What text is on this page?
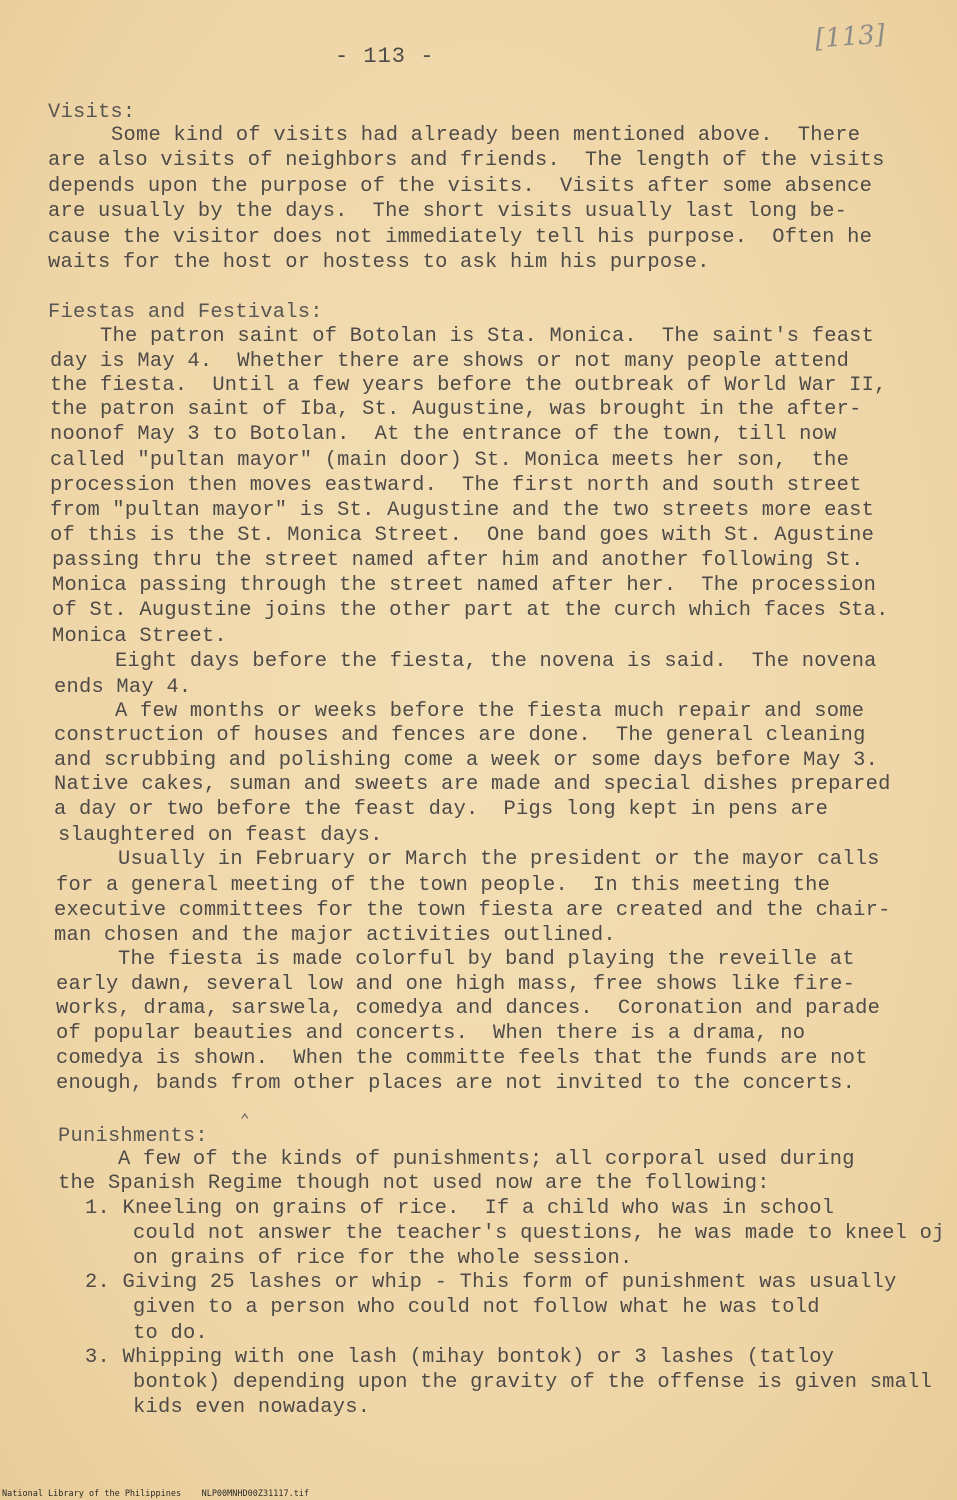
[113]
- 113 -
Visits:
Some kind of visits had already been mentioned above.  There
are also visits of neighbors and friends.  The length of the visits
depends upon the purpose of the visits.  Visits after some absence
are usually by the days.  The short visits usually last long be-
cause the visitor does not immediately tell his purpose.  Often he
waits for the host or hostess to ask him his purpose.
Fiestas and Festivals:
The patron saint of Botolan is Sta. Monica.  The saint's feast
day is May 4.  Whether there are shows or not many people attend
the fiesta.  Until a few years before the outbreak of World War II,
the patron saint of Iba, St. Augustine, was brought in the after-
noonof May 3 to Botolan.  At the entrance of the town, till now
called "pultan mayor" (main door) St. Monica meets her son,  the
procession then moves eastward.  The first north and south street
from "pultan mayor" is St. Augustine and the two streets more east
of this is the St. Monica Street.  One band goes with St. Agustine
passing thru the street named after him and another following St.
Monica passing through the street named after her.  The procession
of St. Augustine joins the other part at the curch which faces Sta.
Monica Street.
Eight days before the fiesta, the novena is said.  The novena
ends May 4.
A few months or weeks before the fiesta much repair and some
construction of houses and fences are done.  The general cleaning
and scrubbing and polishing come a week or some days before May 3.
Native cakes, suman and sweets are made and special dishes prepared
a day or two before the feast day.  Pigs long kept in pens are
slaughtered on feast days.
Usually in February or March the president or the mayor calls
for a general meeting of the town people.  In this meeting the
executive committees for the town fiesta are created and the chair-
man chosen and the major activities outlined.
The fiesta is made colorful by band playing the reveille at
early dawn, several low and one high mass, free shows like fire-
works, drama, sarswela, comedya and dances.  Coronation and parade
of popular beauties and concerts.  When there is a drama, no
comedya is shown.  When the committe feels that the funds are not
enough, bands from other places are not invited to the concerts.
⌃
Punishments:
A few of the kinds of punishments; all corporal used during
the Spanish Regime though not used now are the following:
1. Kneeling on grains of rice.  If a child who was in school
could not answer the teacher's questions, he was made to kneel oj
on grains of rice for the whole session.
2. Giving 25 lashes or whip - This form of punishment was usually
given to a person who could not follow what he was told
to do.
3. Whipping with one lash (mihay bontok) or 3 lashes (tatloy
bontok) depending upon the gravity of the offense is given small
kids even nowadays.
National Library of the Philippines    NLP00MNHD00Z31117.tif
